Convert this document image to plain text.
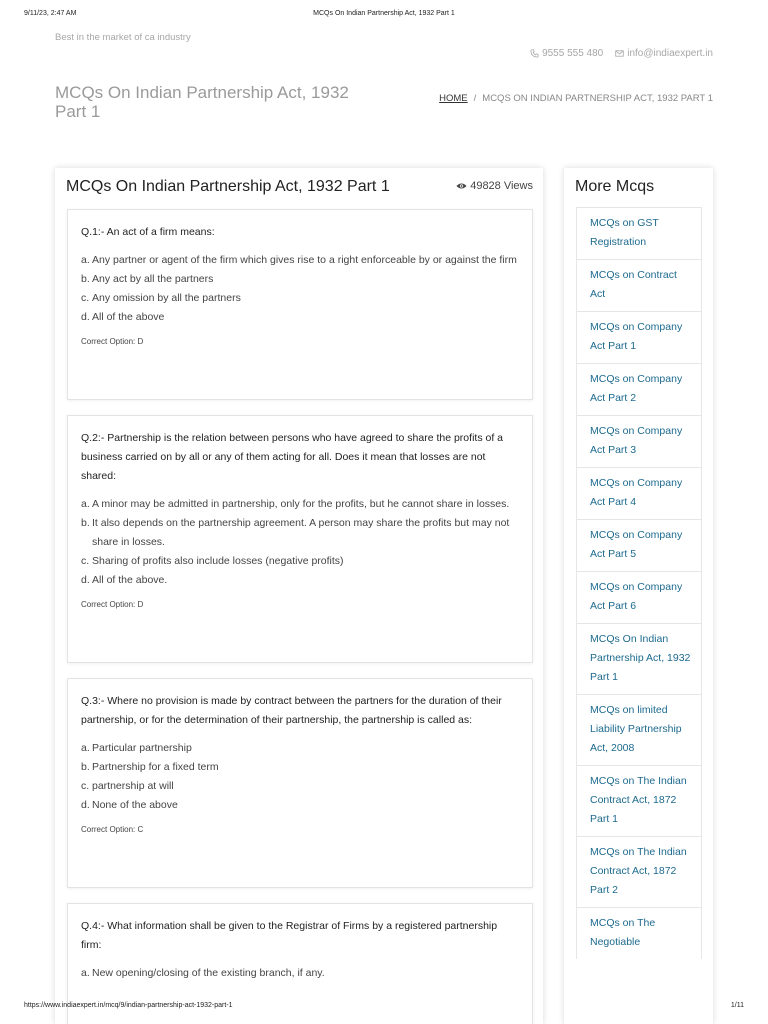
9/11/23, 2:47 AM	MCQs On Indian Partnership Act, 1932 Part 1
Best in the market of ca industry
9555 555 480 info@indiaexpert.in
MCQs On Indian Partnership Act, 1932 Part 1
HOME / MCQS ON INDIAN PARTNERSHIP ACT, 1932 PART 1
MCQs On Indian Partnership Act, 1932 Part 1	49828 Views
Q.1:- An act of a firm means:
a. Any partner or agent of the firm which gives rise to a right enforceable by or against the firm
b. Any act by all the partners
c. Any omission by all the partners
d. All of the above
Correct Option: D
Q.2:- Partnership is the relation between persons who have agreed to share the profits of a business carried on by all or any of them acting for all. Does it mean that losses are not shared:
a. A minor may be admitted in partnership, only for the profits, but he cannot share in losses.
b. It also depends on the partnership agreement. A person may share the profits but may not share in losses.
c. Sharing of profits also include losses (negative profits)
d. All of the above.
Correct Option: D
Q.3:- Where no provision is made by contract between the partners for the duration of their partnership, or for the determination of their partnership, the partnership is called as:
a. Particular partnership
b. Partnership for a fixed term
c. partnership at will
d. None of the above
Correct Option: C
Q.4:- What information shall be given to the Registrar of Firms by a registered partnership firm:
a. New opening/closing of the existing branch, if any.
More Mcqs
MCQs on GST Registration
MCQs on Contract Act
MCQs on Company Act Part 1
MCQs on Company Act Part 2
MCQs on Company Act Part 3
MCQs on Company Act Part 4
MCQs on Company Act Part 5
MCQs on Company Act Part 6
MCQs On Indian Partnership Act, 1932 Part 1
MCQs on limited Liability Partnership Act, 2008
MCQs on The Indian Contract Act, 1872 Part 1
MCQs on The Indian Contract Act, 1872 Part 2
MCQs on The Negotiable
https://www.indiaexpert.in/mcq/9/indian-partnership-act-1932-part-1	1/11
